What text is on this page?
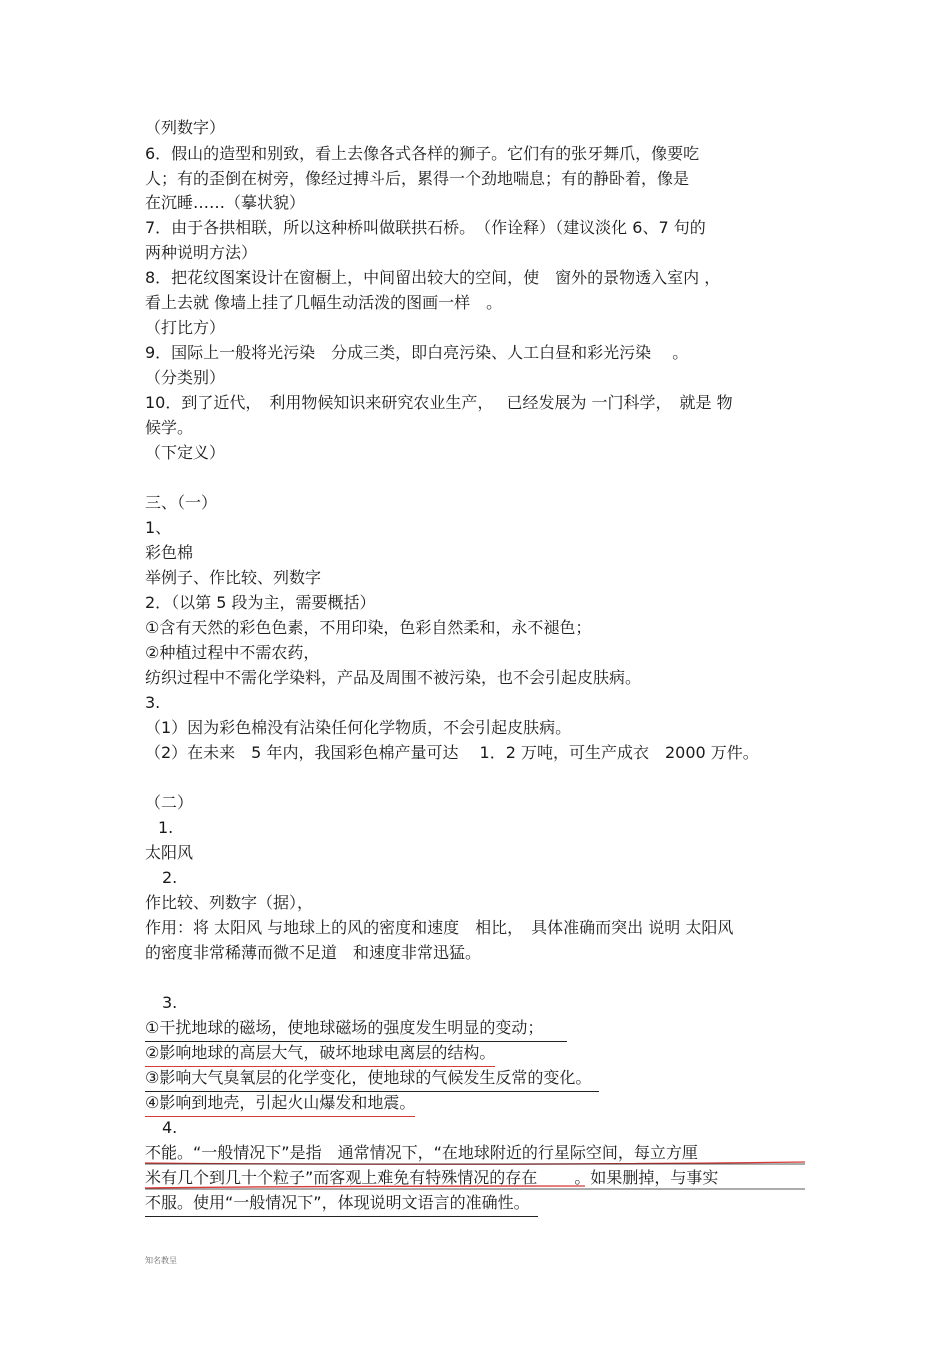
（列数字）
6．假山的造型和别致，看上去像各式各样的狮子。它们有的张牙舞爪，像要吃
人；有的歪倒在树旁，像经过搏斗后，累得一个劲地喘息；有的静卧着，像是
在沉睡……（摹状貌）
7．由于各拱相联，所以这种桥叫做联拱石桥。　（作诠释）（建议淡化 6、7 句的
两种说明方法）
8．把花纹图案设计在窗橱上，中间留出较大的空间，使　窗外的景物透入室内 ，
看上去就 像墙上挂了几幅生动活泼的图画一样　。
（打比方）
9．国际上一般将光污染　分成三类，即白亮污染、人工白昼和彩光污染　 。
（分类别）
10．到了近代，　利用物候知识来研究农业生产，　 已经发展为 一门科学，　就是 物
候学。
（下定义）
三、（一）
1、
彩色棉
举例子、作比较、列数字
2．（以第 5 段为主，需要概括）
①含有天然的彩色色素，不用印染，色彩自然柔和，永不褪色；
②种植过程中不需农药，
纺织过程中不需化学染料，产品及周围不被污染，也不会引起皮肤病。
3.
（1）因为彩色棉没有沾染任何化学物质，不会引起皮肤病。
（2）在未来　5 年内，我国彩色棉产量可达　 1．2 万吨，可生产成衣　2000 万件。
（二）
1.
太阳风
2.
作比较、列数字（据），
作用：将 太阳风 与地球上的风的密度和速度　相比，　具体准确而突出 说明 太阳风
的密度非常稀薄而微不足道　和速度非常迅猛。
3.
①干扰地球的磁场，使地球磁场的强度发生明显的变动；　　
②影响地球的高层大气，破坏地球电离层的结构。
③影响大气臭氧层的化学变化，使地球的气候发生反常的变化。　
④影响到地壳，引起火山爆发和地震。
4.
不能。“一般情况下”是指　通常情况下，“在地球附近的行星际空间，每立方厘
米有几个到几十个粒子”而客观上难免有特殊情况的存在　　 。如果删掉，与事实
不服。使用“一般情况下”，体现说明文语言的准确性。　
知名教呈
